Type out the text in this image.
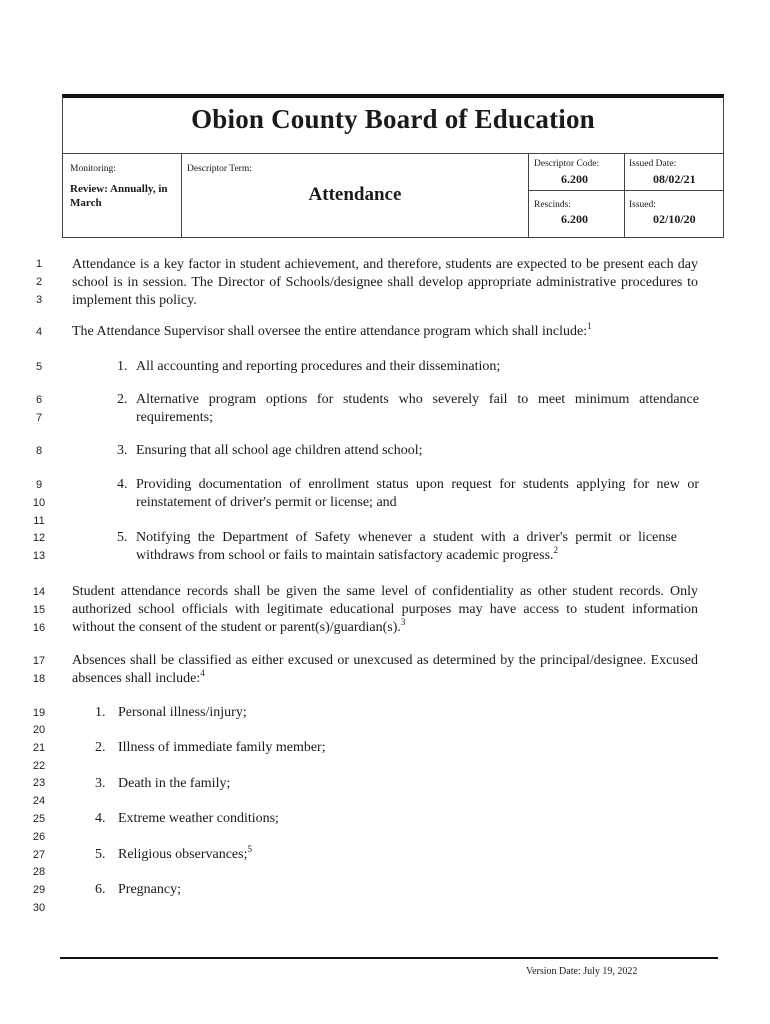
Obion County Board of Education
Monitoring:
Review: Annually, in March
Descriptor Term:
Attendance
Descriptor Code:
6.200
Issued Date:
08/02/21
Rescinds:
6.200
Issued:
02/10/20
1
2
3
4
5
6
7
8
9
10
11
12
13
14
15
16
17
18
19
20
21
22
23
24
25
26
27
28
29
30
Attendance is a key factor in student achievement, and therefore, students are expected to be present each day school is in session. The Director of Schools/designee shall develop appropriate administrative procedures to implement this policy.
The Attendance Supervisor shall oversee the entire attendance program which shall include:$^1$
1. All accounting and reporting procedures and their dissemination;
2. Alternative program options for students who severely fail to meet minimum attendance requirements;
3. Ensuring that all school age children attend school;
4. Providing documentation of enrollment status upon request for students applying for new or reinstatement of driver's permit or license; and
5. Notifying the Department of Safety whenever a student with a driver's permit or license withdraws from school or fails to maintain satisfactory academic progress.$^2$
Student attendance records shall be given the same level of confidentiality as other student records. Only authorized school officials with legitimate educational purposes may have access to student information without the consent of the student or parent(s)/guardian(s).$^3$
Absences shall be classified as either excused or unexcused as determined by the principal/designee. Excused absences shall include:$^4$
1. Personal illness/injury;
2. Illness of immediate family member;
3. Death in the family;
4. Extreme weather conditions;
5. Religious observances;$^5$
6. Pregnancy;
Version Date: July 19, 2022
